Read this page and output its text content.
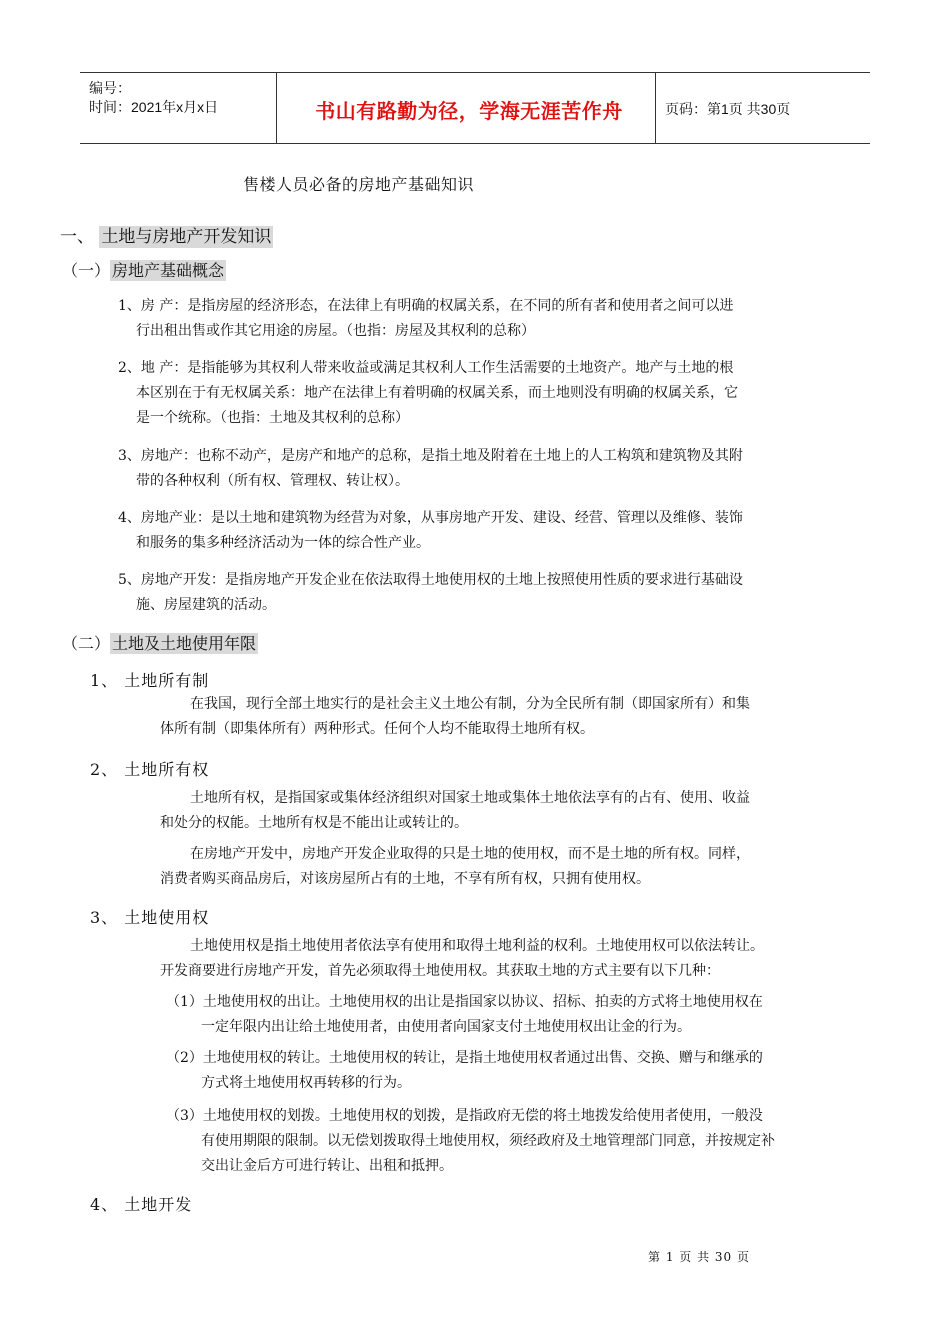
编号：
时间：2021年x月x日	书山有路勤为径，学海无涯苦作舟	页码：第1页 共30页
售楼人员必备的房地产基础知识
一、 土地与房地产开发知识
（一） 房地产基础概念
1、房 产：是指房屋的经济形态，在法律上有明确的权属关系，在不同的所有者和使用者之间可以进
行出租出售或作其它用途的房屋。（也指：房屋及其权利的总称）
2、地 产：是指能够为其权利人带来收益或满足其权利人工作生活需要的土地资产。地产与土地的根
本区别在于有无权属关系：地产在法律上有着明确的权属关系，而土地则没有明确的权属关系，它
是一个统称。（也指：土地及其权利的总称）
3、房地产：也称不动产，是房产和地产的总称，是指土地及附着在土地上的人工构筑和建筑物及其附
带的各种权利（所有权、管理权、转让权）。
4、房地产业：是以土地和建筑物为经营为对象，从事房地产开发、建设、经营、管理以及维修、装饰
和服务的集多种经济活动为一体的综合性产业。
5、房地产开发：是指房地产开发企业在依法取得土地使用权的土地上按照使用性质的要求进行基础设
施、房屋建筑的活动。
（二） 土地及土地使用年限
1、 土地所有制
在我国，现行全部土地实行的是社会主义土地公有制，分为全民所有制（即国家所有）和集
体所有制（即集体所有）两种形式。任何个人均不能取得土地所有权。
2、 土地所有权
土地所有权，是指国家或集体经济组织对国家土地或集体土地依法享有的占有、使用、收益
和处分的权能。土地所有权是不能出让或转让的。
在房地产开发中，房地产开发企业取得的只是土地的使用权，而不是土地的所有权。同样，
消费者购买商品房后，对该房屋所占有的土地，不享有所有权，只拥有使用权。
3、 土地使用权
土地使用权是指土地使用者依法享有使用和取得土地利益的权利。土地使用权可以依法转让。
开发商要进行房地产开发，首先必须取得土地使用权。其获取土地的方式主要有以下几种：
（1）土地使用权的出让。土地使用权的出让是指国家以协议、招标、拍卖的方式将土地使用权在
一定年限内出让给土地使用者，由使用者向国家支付土地使用权出让金的行为。
（2）土地使用权的转让。土地使用权的转让，是指土地使用权者通过出售、交换、赠与和继承的
方式将土地使用权再转移的行为。
（3）土地使用权的划拨。土地使用权的划拨，是指政府无偿的将土地拨发给使用者使用，一般没
有使用期限的限制。以无偿划拨取得土地使用权，须经政府及土地管理部门同意，并按规定补
交出让金后方可进行转让、出租和抵押。
4、 土地开发
第 1 页 共 30 页
